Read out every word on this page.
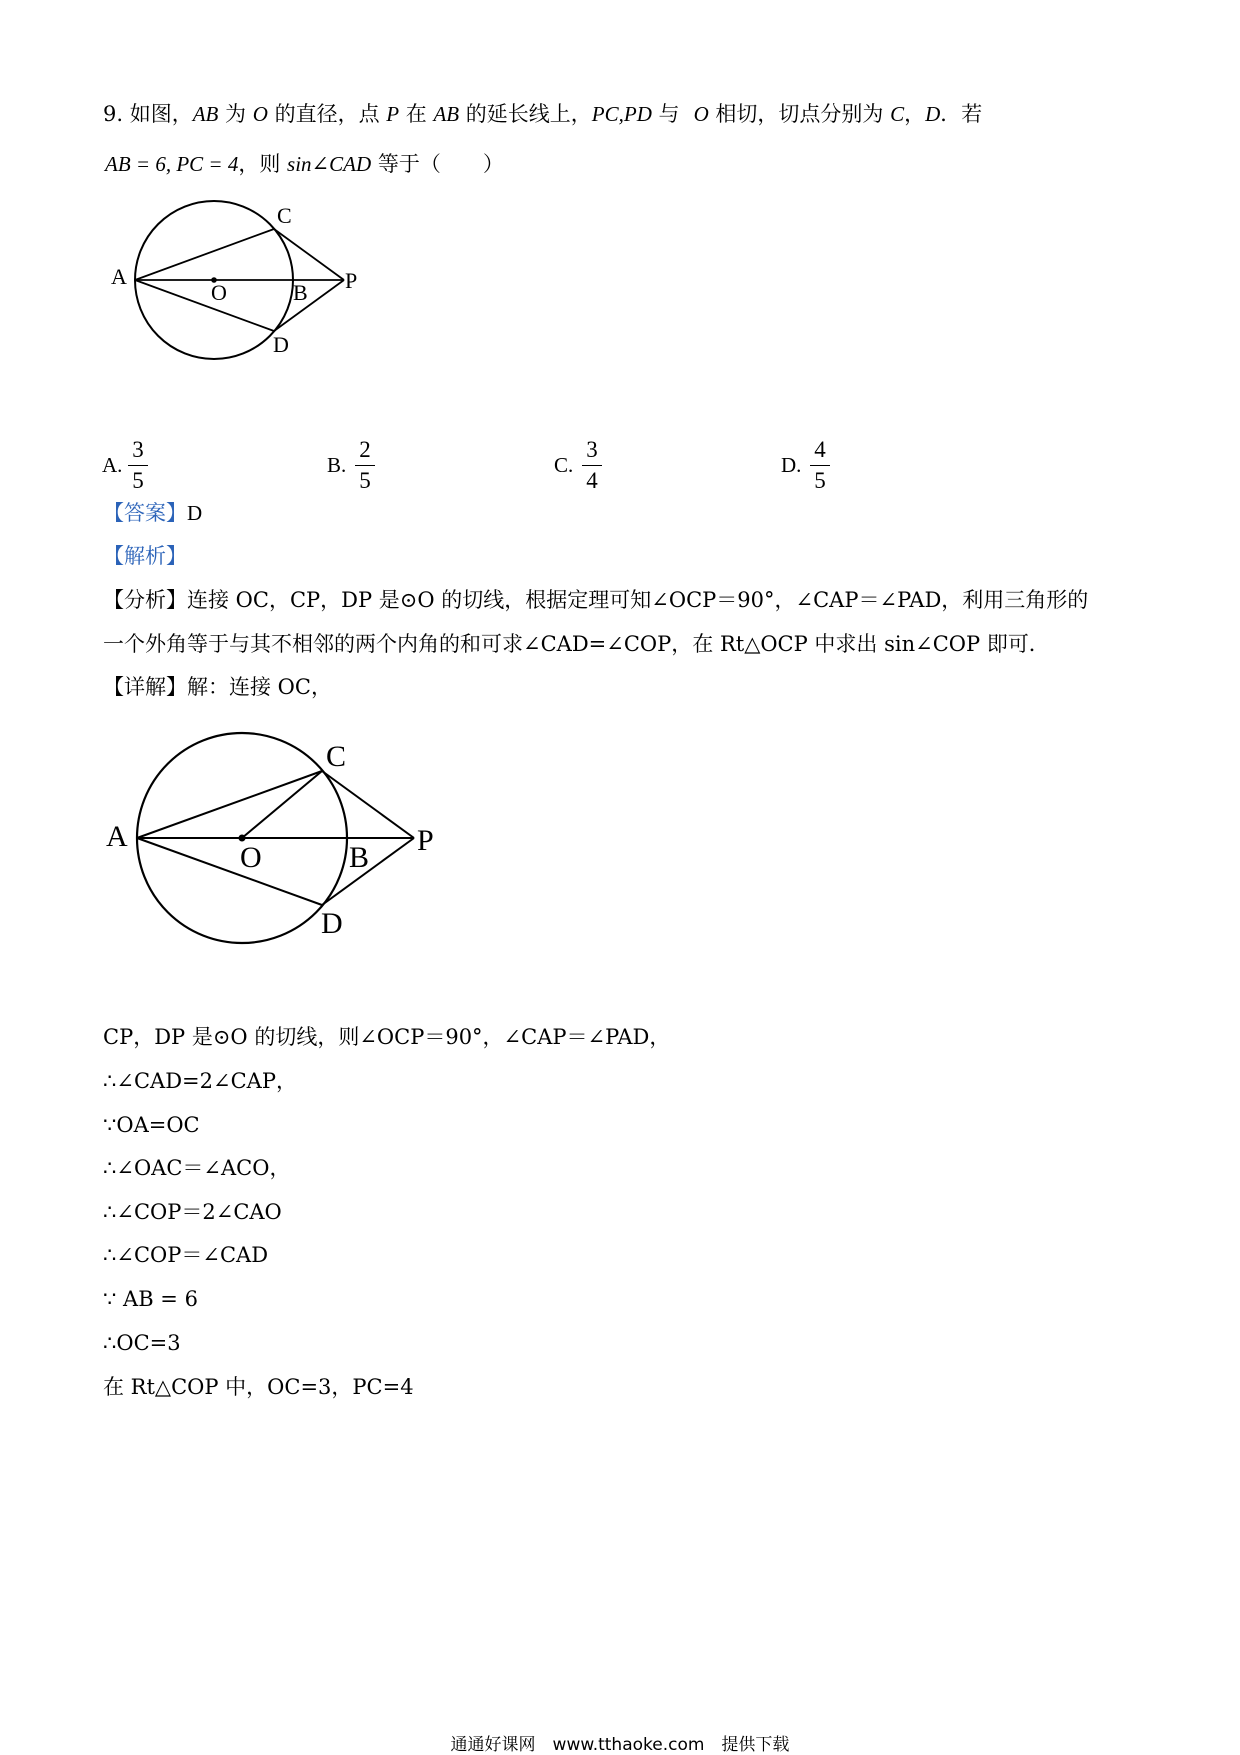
9. 如图，AB 为 O 的直径，点 P 在 AB 的延长线上，PC,PD 与 O 相切，切点分别为 C，D．若
AB = 6, PC = 4，则 sin∠CAD 等于（　　）
A
O	B P
C
D
A.
3
5
B.
2
5
C.
3
4
D.
4
5
【答案】D
【解析】
【分析】连接 OC，CP，DP 是⊙O 的切线，根据定理可知∠OCP＝90°，∠CAP＝∠PAD，利用三角形的
一个外角等于与其不相邻的两个内角的和可求∠CAD=∠COP，在 Rt△OCP 中求出 sin∠COP 即可．
【详解】解：连接 OC，
A
O	B
P
C
D
CP，DP 是⊙O 的切线，则∠OCP＝90°，∠CAP＝∠PAD，
∴∠CAD=2∠CAP，
∵OA=OC
∴∠OAC＝∠ACO，
∴∠COP＝2∠CAO
∴∠COP＝∠CAD
∵ AB = 6
∴OC=3
在 Rt△COP 中，OC=3，PC=4
通通好课网　www.tthaoke.com　提供下载
